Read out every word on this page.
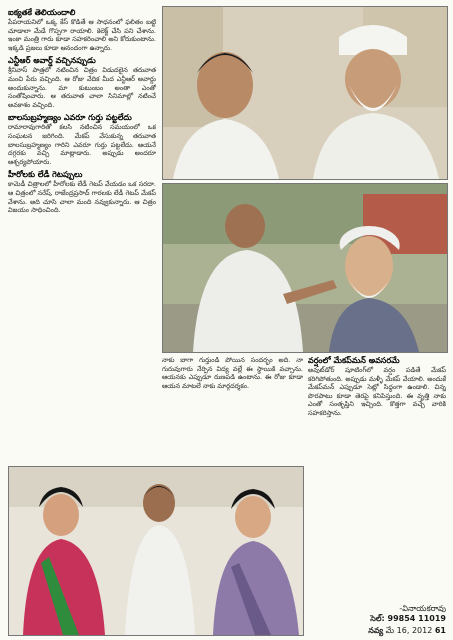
ఐక్యతకే తెలియందాలి
పేపరాయనిలో ఒక్క కేస్ కొడితే ఆ సాధనంలో ఫలితం బట్టి చూడాలా మేడే గొప్పగా రాయాలి. కెలెక్ట్ చేసి పని చేశాను. ఇంకా మంత్రి గారు కూడా సహకరించాలి అని కోరుకుంటాను. ఇక్కడి ప్రజలు కూడా ఆనందంగా ఉన్నారు.
ఎన్టీఆర్ అవార్డ్ వచ్చినప్పుడు
శ్రీనివాస్ పాత్రలో నటించిన చిత్రం విడుదలైన తరువాత మంచి పేరు వచ్చింది. ఆ రోజు వేదిక మీద ఎన్టీఆర్ అవార్డు అందుకున్నాను. మా కుటుంబం అంతా ఎంతో సంతోషించారు. ఆ తరువాత చాలా సినిమాల్లో నటించే అవకాశం వచ్చింది.
బాలసుబ్రహ్మణ్యం ఎవరూ గుర్తు పట్టలేదు
రామారావుగారితో కలసి నటించిన సమయంలో ఒక సంఘటన జరిగింది. మేకప్ వేసుకున్న తరువాత బాలసుబ్రహ్మణ్యం గారిని ఎవరూ గుర్తు పట్టలేదు. ఆయనే దగ్గరకు వచ్చి మాట్లాడారు. అప్పుడు అందరూ ఆశ్చర్యపోయారు.
హీరోలకు లేడీ గెటప్పులు
కామెడీ చిత్రాలలో హీరోలకు లేడీ గెటప్ వేయడం ఒక సరదా. ఆ చిత్రంలో నరేష్, రాజేంద్రప్రసాద్ గారలకు లేడీ గెటప్ మేకప్ వేశాను. అది చూసి చాలా మంది నవ్వుకున్నారు. ఆ చిత్రం విజయం సాధించింది.
నాకు బాగా గుర్తుండి పోయిన సందర్భం అది. నా గురువుగారు నేర్పిన విద్య వల్లే ఈ స్థాయికి వచ్చాను. ఆయనకు ఎప్పుడూ రుణపడి ఉంటాను. ఈ రోజు కూడా ఆయన మాటలే నాకు మార్గదర్శకం.
వర్షంలో మేకప్‌మన్ అవసరమే
అవుట్‌డోర్ షూటింగ్‌లో వర్షం పడితే మేకప్ కరిగిపోతుంది. అప్పుడు మళ్ళీ మేకప్ వేయాలి. అందుకే మేకప్‌మన్ ఎప్పుడూ సెట్లో సిద్ధంగా ఉండాలి. చిన్న పొరపాటు కూడా తెరపై కనిపిస్తుంది. ఈ వృత్తి నాకు ఎంతో సంతృప్తిని ఇచ్చింది. కొత్తగా వచ్చే వారికి సహకరిస్తాను.
-వినాయకరావు
సెల్: 99854 11019
నవ్య మే 16, 2012 61
